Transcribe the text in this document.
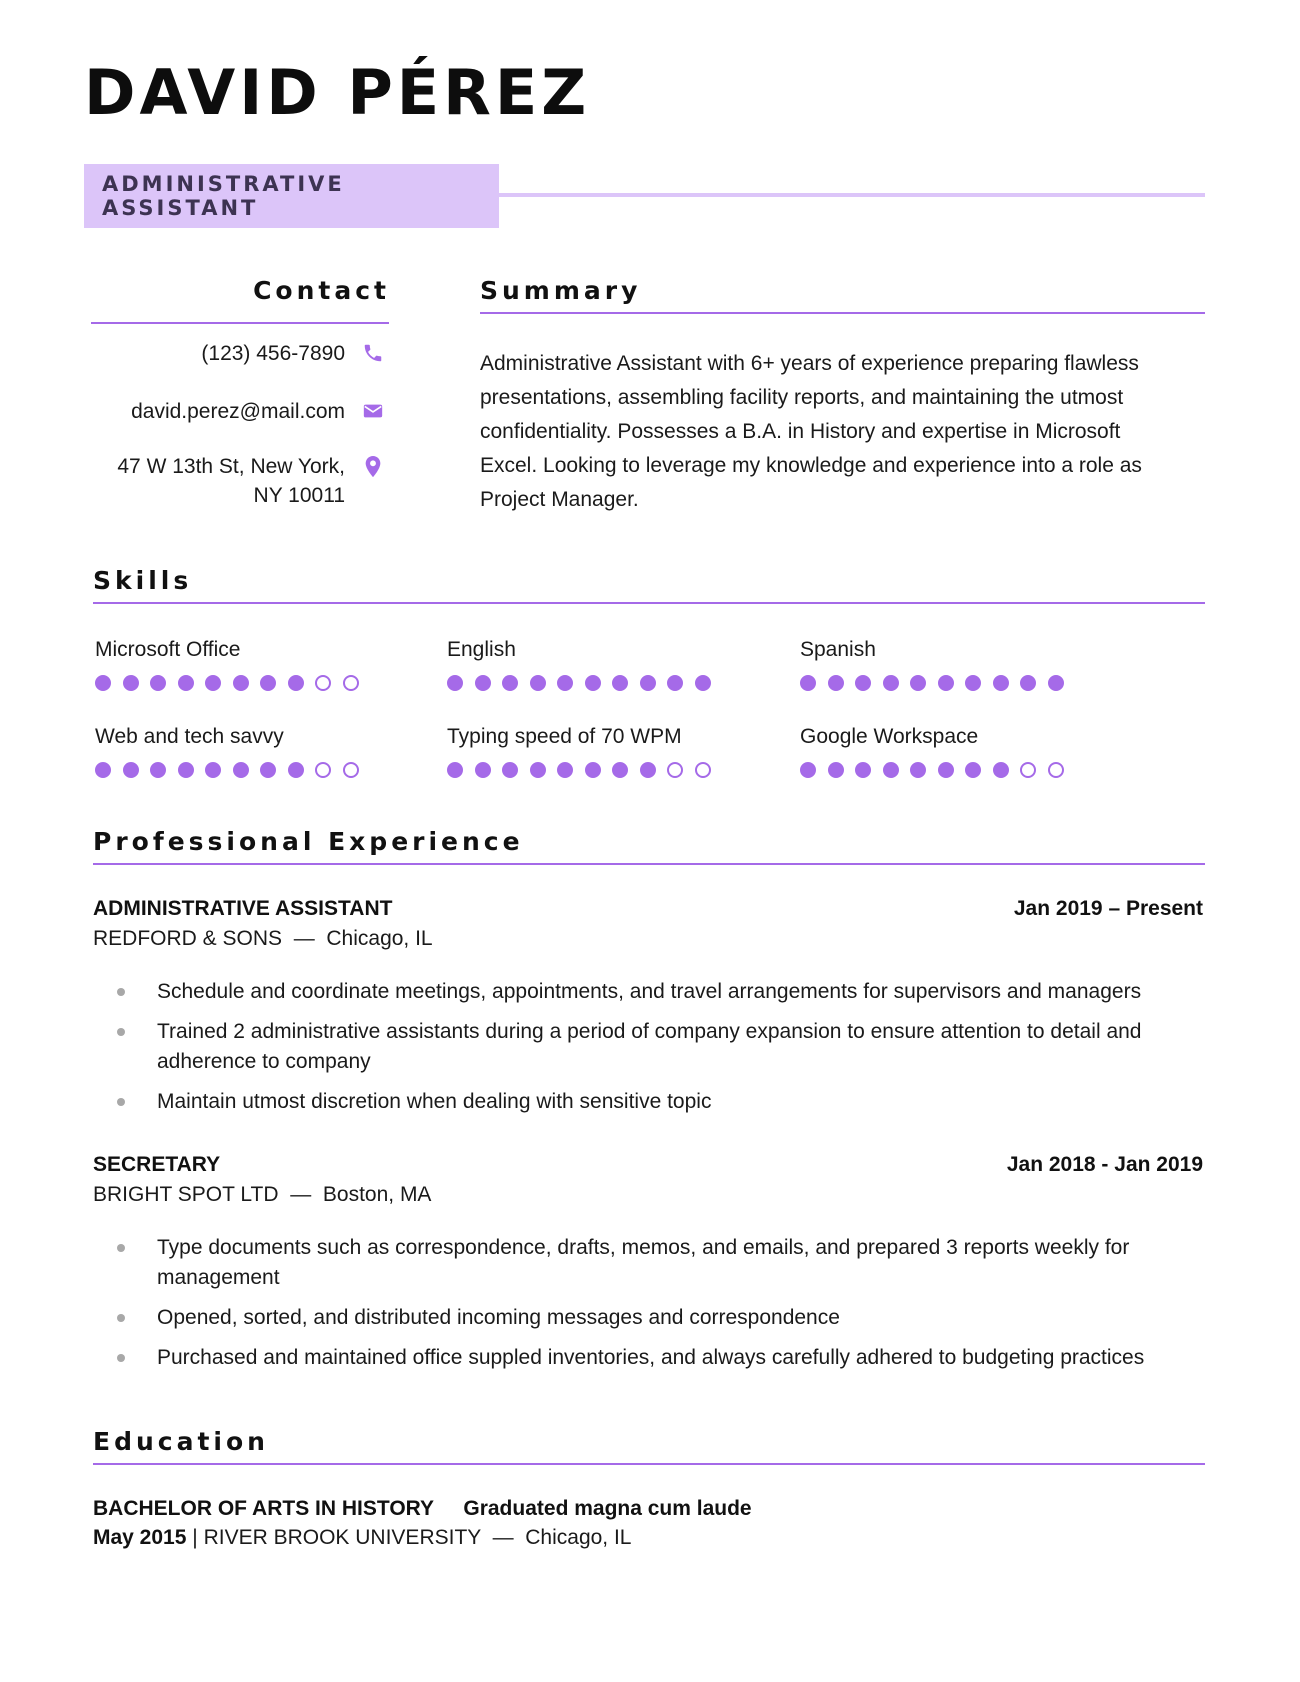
DAVID PÉREZ
ADMINISTRATIVE ASSISTANT
Contact
(123) 456-7890
david.perez@mail.com
47 W 13th St, New York,
NY 10011
Summary
Administrative Assistant with 6+ years of experience preparing flawless presentations, assembling facility reports, and maintaining the utmost confidentiality. Possesses a B.A. in History and expertise in Microsoft Excel. Looking to leverage my knowledge and experience into a role as Project Manager.
Skills
Microsoft Office	English	Spanish
Web and tech savvy	Typing speed of 70 WPM	Google Workspace
Professional Experience
ADMINISTRATIVE ASSISTANT	Jan 2019 – Present
REDFORD & SONS — Chicago, IL
Schedule and coordinate meetings, appointments, and travel arrangements for supervisors and managers
Trained 2 administrative assistants during a period of company expansion to ensure attention to detail and adherence to company
Maintain utmost discretion when dealing with sensitive topic
SECRETARY	Jan 2018 - Jan 2019
BRIGHT SPOT LTD — Boston, MA
Type documents such as correspondence, drafts, memos, and emails, and prepared 3 reports weekly for management
Opened, sorted, and distributed incoming messages and correspondence
Purchased and maintained office suppled inventories, and always carefully adhered to budgeting practices
Education
BACHELOR OF ARTS IN HISTORY Graduated magna cum laude
May 2015 | RIVER BROOK UNIVERSITY — Chicago, IL
